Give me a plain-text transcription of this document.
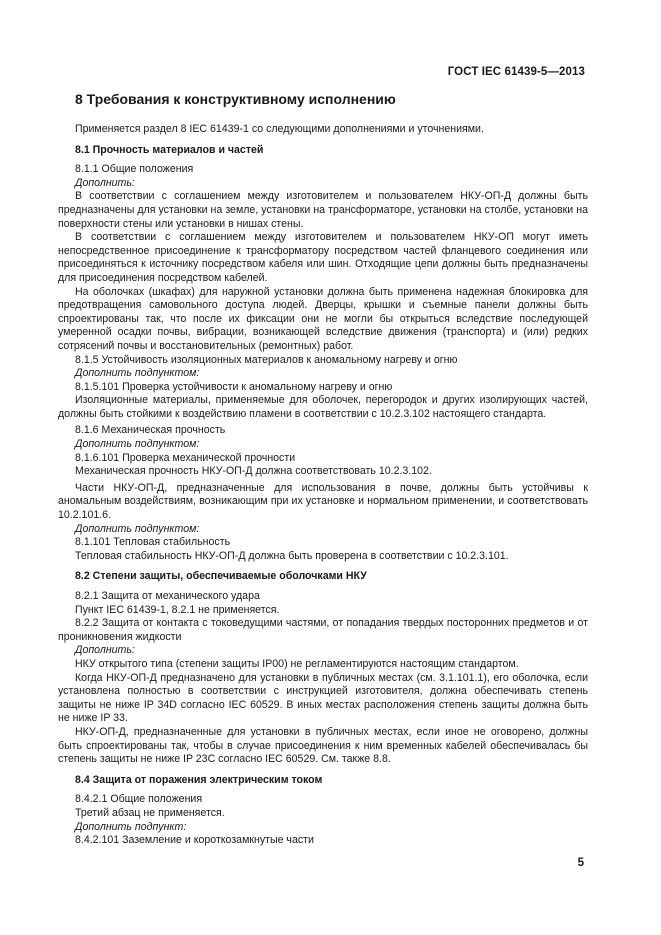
ГОСТ IEC 61439-5—2013

8 Требования к конструктивному исполнению

Применяется раздел 8 IEC 61439-1 со следующими дополнениями и уточнениями.

8.1 Прочность материалов и частей

8.1.1 Общие положения

Дополнить:

В соответствии с соглашением между изготовителем и пользователем НКУ-ОП-Д должны быть предназначены для установки на земле, установки на трансформаторе, установки на столбе, установки на поверхности стены или установки в нишах стены.

В соответствии с соглашением между изготовителем и пользователем НКУ-ОП могут иметь непосредственное присоединение к трансформатору посредством частей фланцевого соединения или присоединяться к источнику посредством кабеля или шин. Отходящие цепи должны быть предназначены для присоединения посредством кабелей.

На оболочках (шкафах) для наружной установки должна быть применена надежная блокировка для предотвращения самовольного доступа людей. Дверцы, крышки и съемные панели должны быть спроектированы так, что после их фиксации они не могли бы открыться вследствие последующей умеренной осадки почвы, вибрации, возникающей вследствие движения (транспорта) и (или) редких сотрясений почвы и восстановительных (ремонтных) работ.

8.1.5 Устойчивость изоляционных материалов к аномальному нагреву и огню

Дополнить подпунктом:

8.1.5.101 Проверка устойчивости к аномальному нагреву и огню

Изоляционные материалы, применяемые для оболочек, перегородок и других изолирующих частей, должны быть стойкими к воздействию пламени в соответствии с 10.2.3.102 настоящего стандарта.

8.1.6 Механическая прочность

Дополнить подпунктом:

8.1.6.101 Проверка механической прочности

Механическая прочность НКУ-ОП-Д должна соответствовать 10.2.3.102.

Части НКУ-ОП-Д, предназначенные для использования в почве, должны быть устойчивы к аномальным воздействиям, возникающим при их установке и нормальном применении, и соответствовать 10.2.101.6.

Дополнить подпунктом:

8.1.101 Тепловая стабильность

Тепловая стабильность НКУ-ОП-Д должна быть проверена в соответствии с 10.2.3.101.

8.2 Степени защиты, обеспечиваемые оболочками НКУ

8.2.1 Защита от механического удара

Пункт IEC 61439-1, 8.2.1 не применяется.

8.2.2 Защита от контакта с токоведущими частями, от попадания твердых посторонних предметов и от проникновения жидкости

Дополнить:

НКУ открытого типа (степени защиты IP00) не регламентируются настоящим стандартом.

Когда НКУ-ОП-Д предназначено для установки в публичных местах (см. 3.1.101.1), его оболочка, если установлена полностью в соответствии с инструкцией изготовителя, должна обеспечивать степень защиты не ниже IP 34D согласно IEC 60529. В иных местах расположения степень защиты должна быть не ниже IP 33.

НКУ-ОП-Д, предназначенные для установки в публичных местах, если иное не оговорено, должны быть спроектированы так, чтобы в случае присоединения к ним временных кабелей обеспечивалась бы степень защиты не ниже IP 23C согласно IEC 60529. См. также 8.8.

8.4 Защита от поражения электрическим током

8.4.2.1 Общие положения

Третий абзац не применяется.

Дополнить подпункт:

8.4.2.101 Заземление и короткозамкнутые части

5
